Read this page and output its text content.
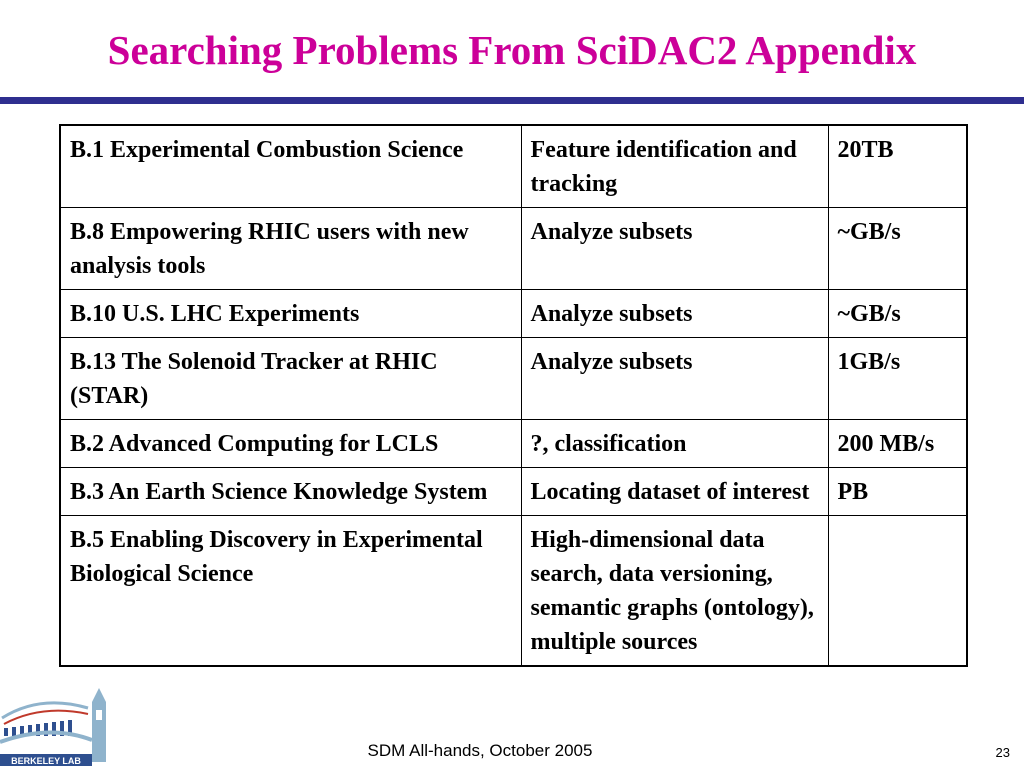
Searching Problems From SciDAC2 Appendix
B.1 Experimental Combustion Science	Feature identification and tracking	20TB
B.8 Empowering RHIC users with new analysis tools	Analyze subsets	~GB/s
B.10 U.S. LHC Experiments	Analyze subsets	~GB/s
B.13 The Solenoid Tracker at RHIC (STAR)	Analyze subsets	1GB/s
B.2 Advanced Computing for LCLS	?, classification	200 MB/s
B.3 An Earth Science Knowledge System	Locating dataset of interest	PB
B.5 Enabling Discovery in Experimental Biological Science	High-dimensional data search, data versioning, semantic graphs (ontology), multiple sources	
BERKELEY LAB
SDM All-hands, October 2005	23
